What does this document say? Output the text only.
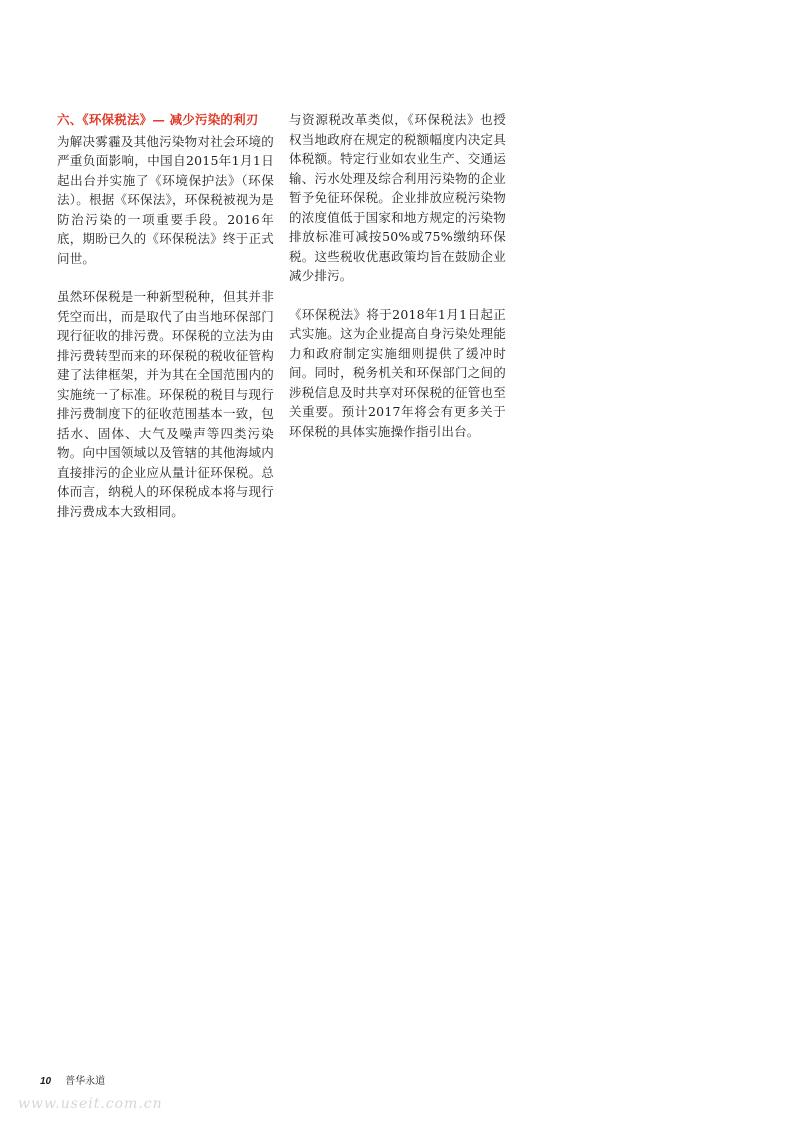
六、《环保税法》— 减少污染的利刃

为解决雾霾及其他污染物对社会环境的严重负面影响，中国自2015年1月1日起出台并实施了《环境保护法》（环保法）。根据《环保法》，环保税被视为是防治污染的一项重要手段。2016年底，期盼已久的《环保税法》终于正式问世。

虽然环保税是一种新型税种，但其并非凭空而出，而是取代了由当地环保部门现行征收的排污费。环保税的立法为由排污费转型而来的环保税的税收征管构建了法律框架，并为其在全国范围内的实施统一了标准。环保税的税目与现行排污费制度下的征收范围基本一致，包括水、固体、大气及噪声等四类污染物。向中国领域以及管辖的其他海域内直接排污的企业应从量计征环保税。总体而言，纳税人的环保税成本将与现行排污费成本大致相同。

与资源税改革类似，《环保税法》也授权当地政府在规定的税额幅度内决定具体税额。特定行业如农业生产、交通运输、污水处理及综合利用污染物的企业暂予免征环保税。企业排放应税污染物的浓度值低于国家和地方规定的污染物排放标准可减按50%或75%缴纳环保税。这些税收优惠政策均旨在鼓励企业减少排污。

《环保税法》将于2018年1月1日起正式实施。这为企业提高自身污染处理能力和政府制定实施细则提供了缓冲时间。同时，税务机关和环保部门之间的涉税信息及时共享对环保税的征管也至关重要。预计2017年将会有更多关于环保税的具体实施操作指引出台。

10 普华永道
www.useit.com.cn
